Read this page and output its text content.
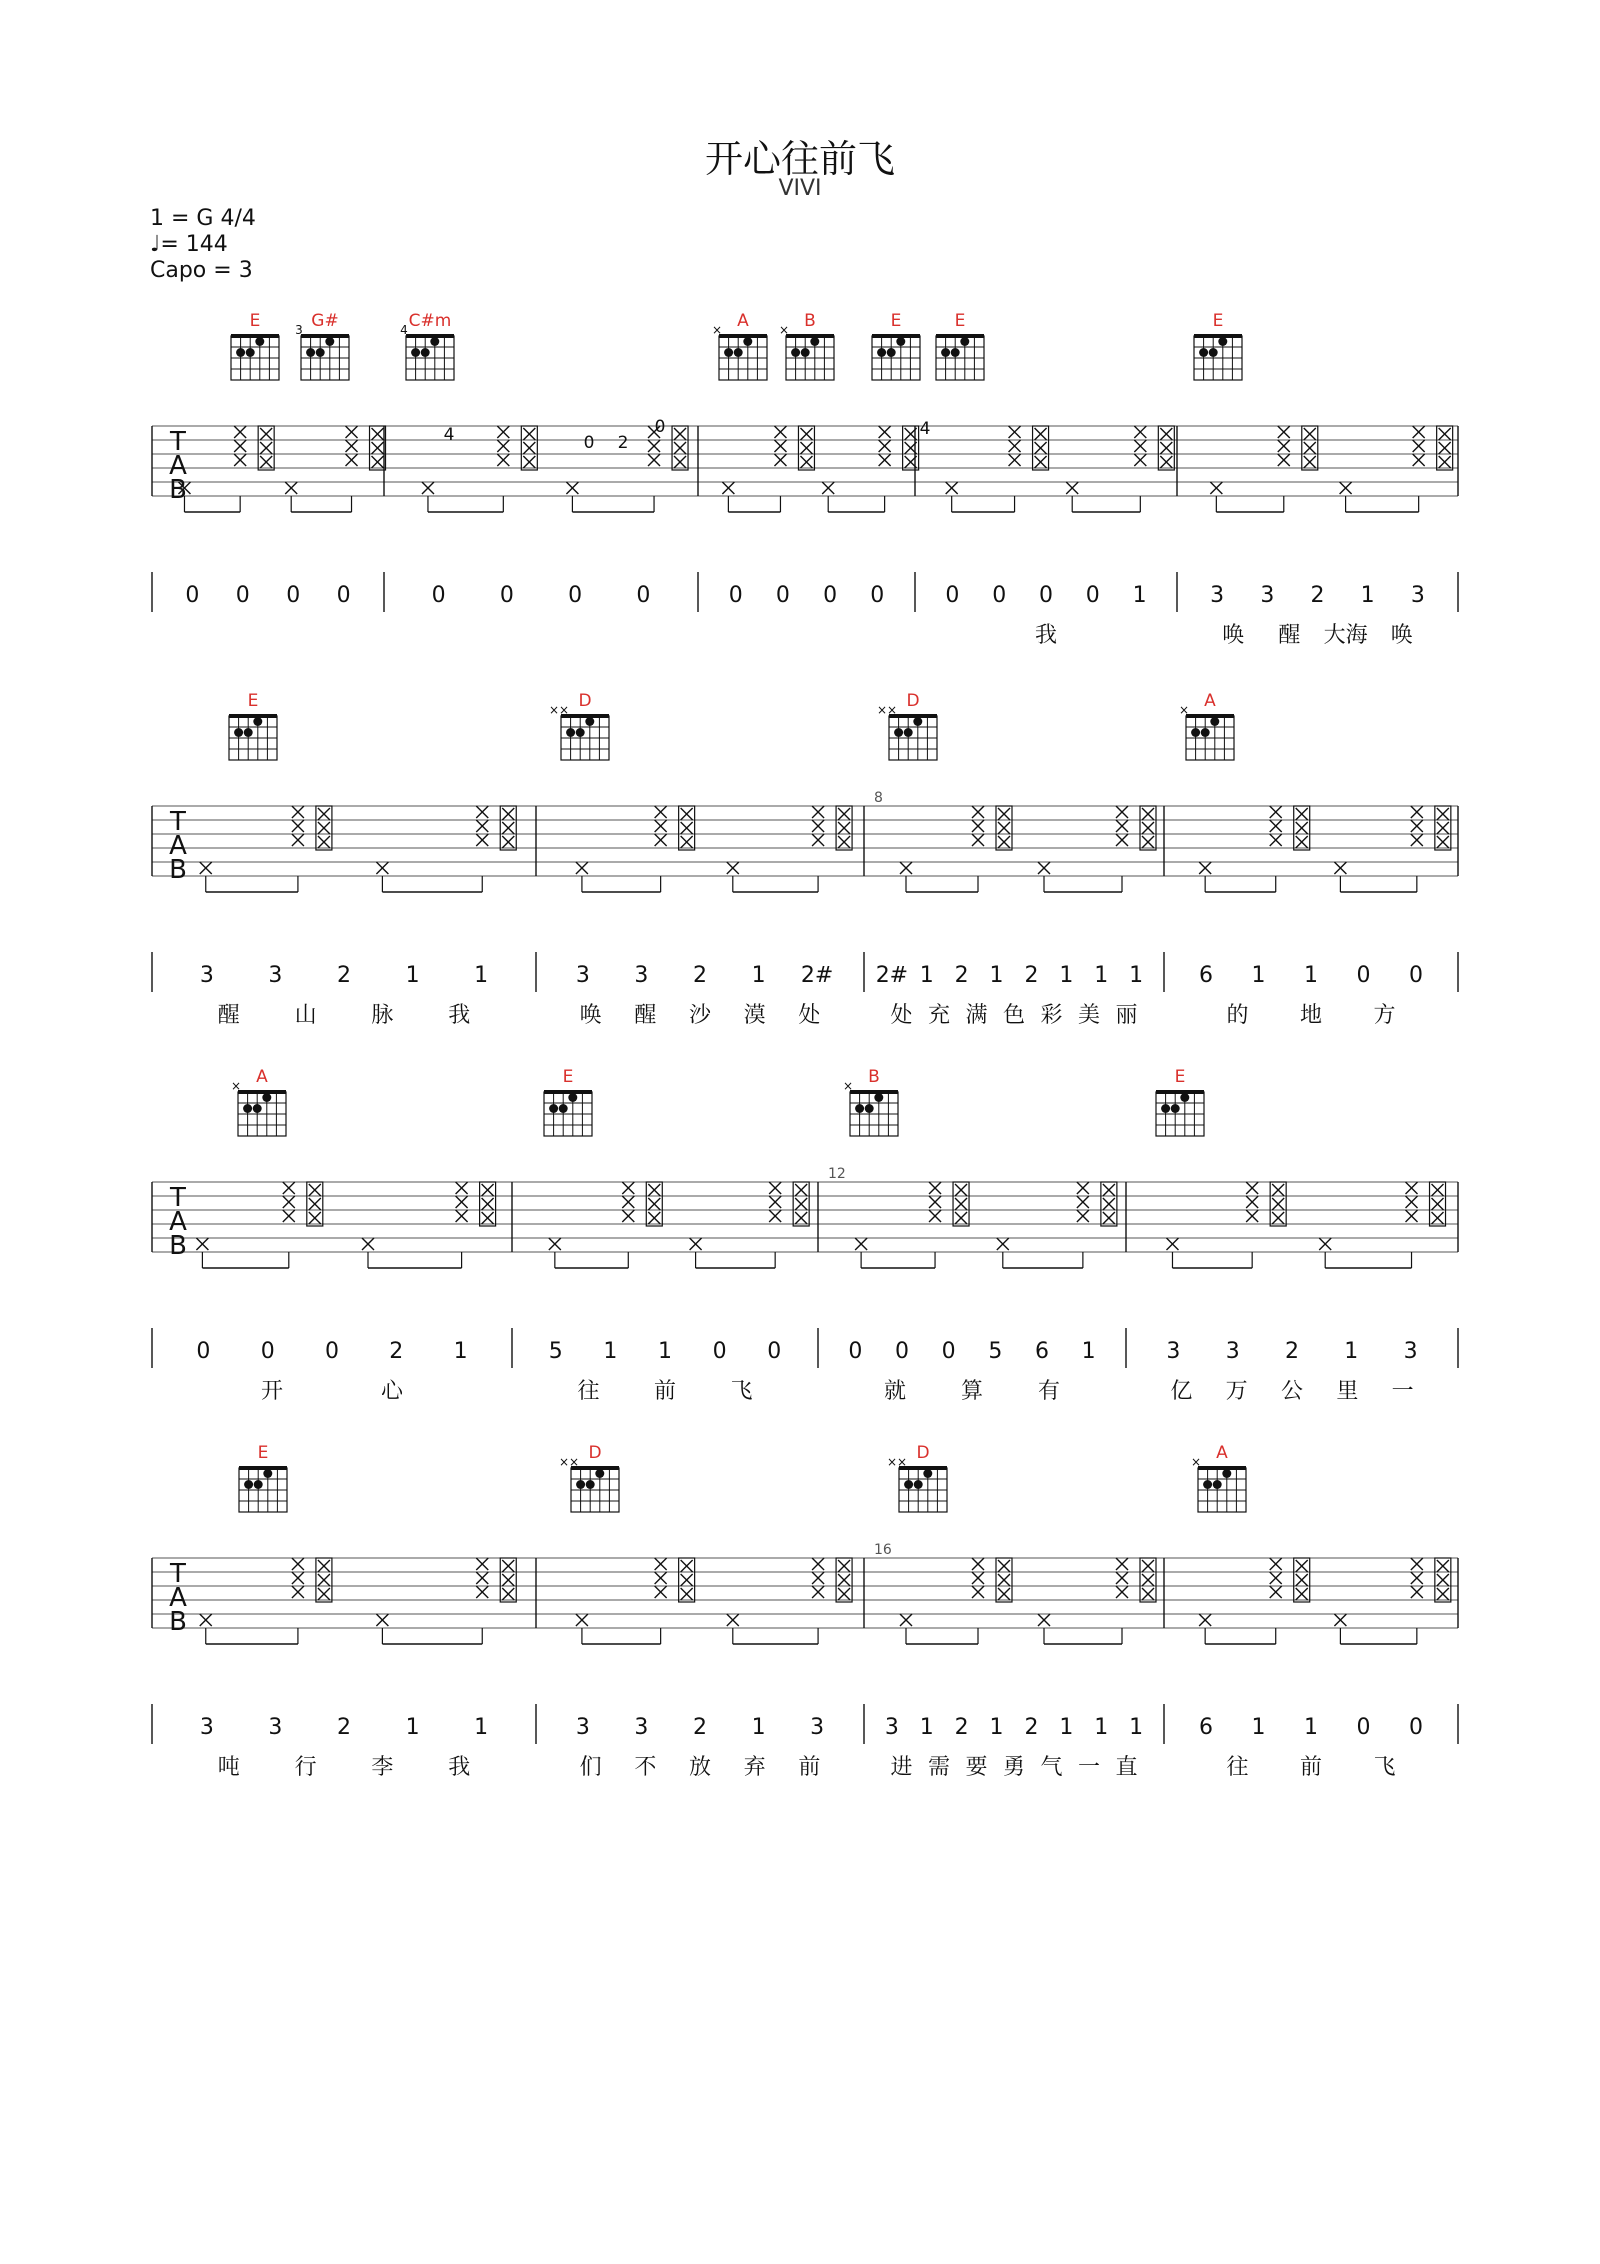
开心往前飞
VIVI
1 = G 4/4
♩= 144
Capo = 3
E	G#
3	C#m
4	A
×	B
×	E	E	E
T
A
B
4	0 2
0	4
0 0 0 0	0 0 0 0	0 0 0 0	0 0 0 0 1
我
3 3 2 1 3
唤 醒 大海 唤
E	D
××	D
××	A
×
T
A
B
8
3 3 2 1 1
醒 山 脉 我
3 3 2 1 2#
唤 醒 沙 漠 处
2# 1 2 1 2 1 1 1
处 充 满 色 彩 美 丽
6 1 1 0 0
的 地 方
A
×	E	B
×	E
T
A
B
12
0 0 0 2 1
开	心
5 1 1 0 0
往 前 飞
0 0 0 5 6 1
就 算 有
3 3 2 1 3
亿 万 公 里 一
E	D
××	D
××	A
×
T
A
B
16
3 3 2 1 1
吨 行 李 我
3 3 2 1 3
们 不 放 弃 前
3 1 2 1 2 1 1 1
进 需 要 勇 气 一 直
6 1 1 0 0
往 前 飞
